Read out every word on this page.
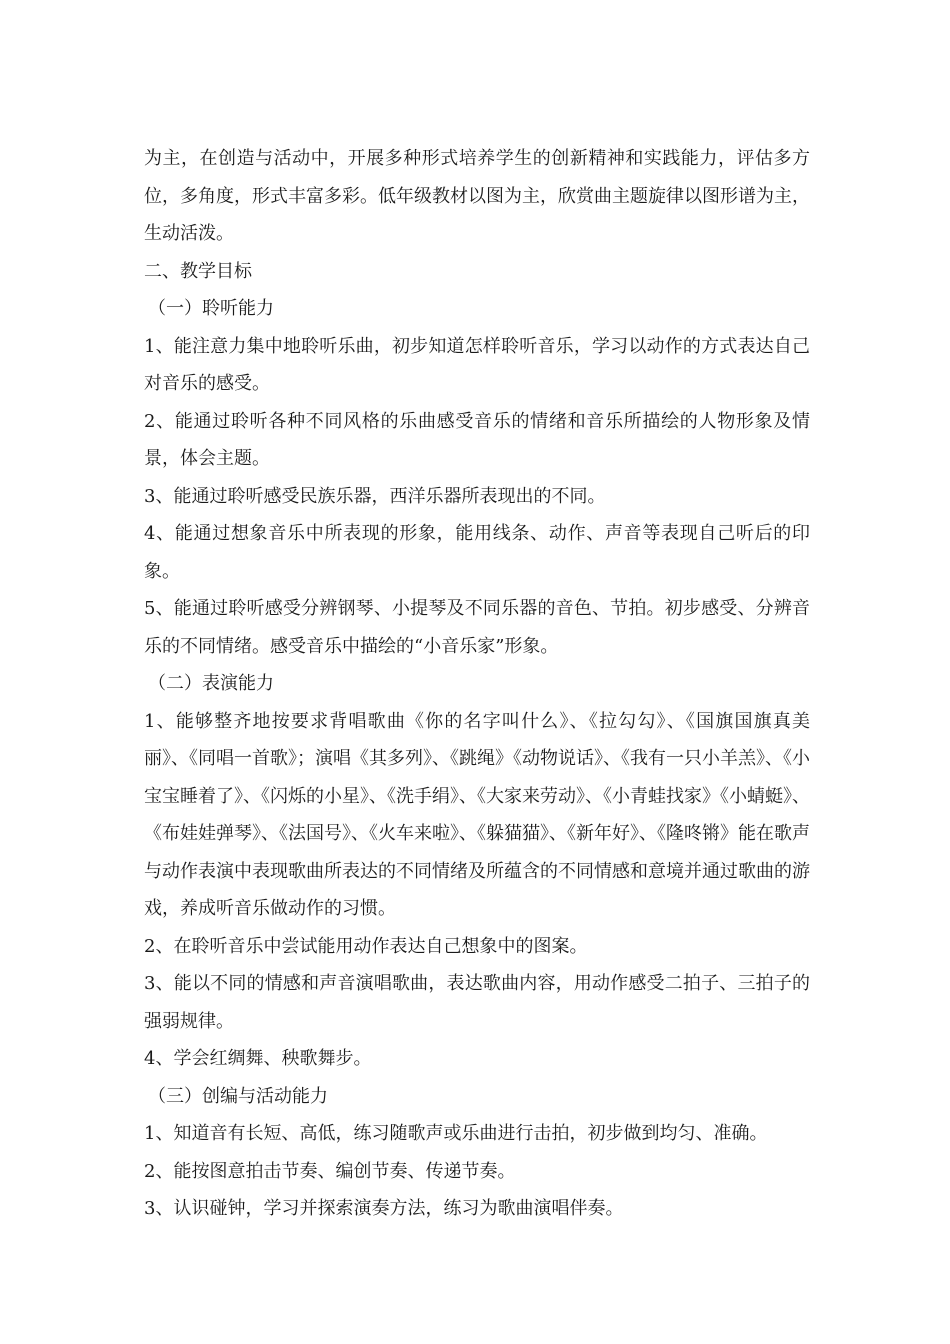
为主，在创造与活动中，开展多种形式培养学生的创新精神和实践能力，评估多方位，多角度，形式丰富多彩。低年级教材以图为主，欣赏曲主题旋律以图形谱为主，生动活泼。

二、教学目标

（一）聆听能力

1、能注意力集中地聆听乐曲，初步知道怎样聆听音乐，学习以动作的方式表达自己对音乐的感受。

2、能通过聆听各种不同风格的乐曲感受音乐的情绪和音乐所描绘的人物形象及情景，体会主题。

3、能通过聆听感受民族乐器，西洋乐器所表现出的不同。

4、能通过想象音乐中所表现的形象，能用线条、动作、声音等表现自己听后的印象。

5、能通过聆听感受分辨钢琴、小提琴及不同乐器的音色、节拍。初步感受、分辨音乐的不同情绪。感受音乐中描绘的“小音乐家”形象。

（二）表演能力

1、能够整齐地按要求背唱歌曲《你的名字叫什么》、《拉勾勾》、《国旗国旗真美丽》、《同唱一首歌》；演唱《其多列》、《跳绳》《动物说话》、《我有一只小羊羔》、《小宝宝睡着了》、《闪烁的小星》、《洗手绢》、《大家来劳动》、《小青蛙找家》《小蜻蜓》、《布娃娃弹琴》、《法国号》、《火车来啦》、《躲猫猫》、《新年好》、《隆咚锵》能在歌声与动作表演中表现歌曲所表达的不同情绪及所蕴含的不同情感和意境并通过歌曲的游戏，养成听音乐做动作的习惯。

2、在聆听音乐中尝试能用动作表达自己想象中的图案。

3、能以不同的情感和声音演唱歌曲，表达歌曲内容，用动作感受二拍子、三拍子的强弱规律。

4、学会红绸舞、秧歌舞步。

（三）创编与活动能力

1、知道音有长短、高低，练习随歌声或乐曲进行击拍，初步做到均匀、准确。

2、能按图意拍击节奏、编创节奏、传递节奏。

3、认识碰钟，学习并探索演奏方法，练习为歌曲演唱伴奏。
